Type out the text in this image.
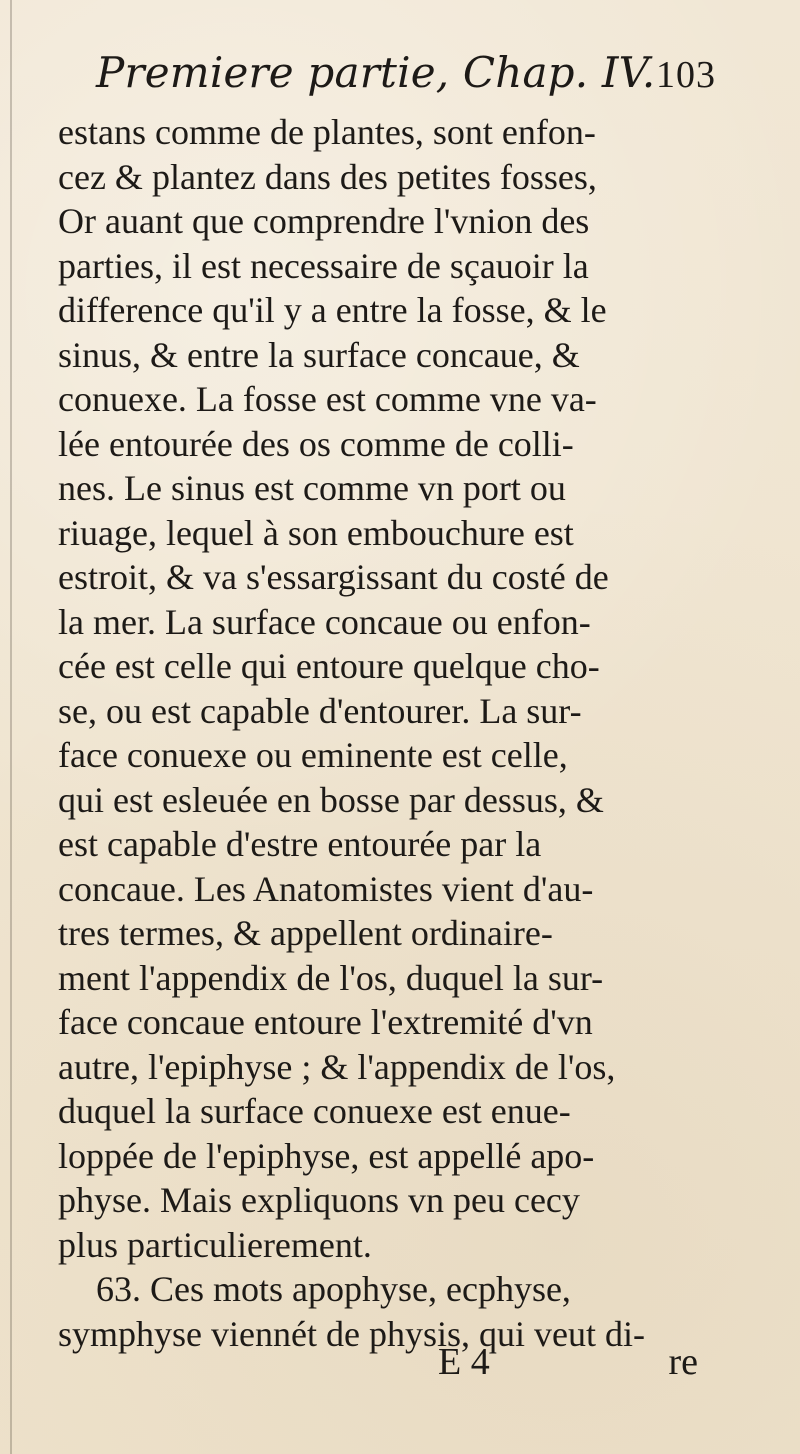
Premiere partie, Chap. IV. 103
estans comme de plantes, sont enfon-
cez & plantez dans des petites fosses,
Or auant que comprendre l'vnion des
parties, il est necessaire de sçauoir la
difference qu'il y a entre la fosse, & le
sinus, & entre la surface concaue, &
conuexe. La fosse est comme vne va-
lée entourée des os comme de colli-
nes. Le sinus est comme vn port ou
riuage, lequel à son embouchure est
estroit, & va s'essargissant du costé de
la mer. La surface concaue ou enfon-
cée est celle qui entoure quelque cho-
se, ou est capable d'entourer. La sur-
face conuexe ou eminente est celle,
qui est esleuée en bosse par dessus, &
est capable d'estre entourée par la
concaue. Les Anatomistes vient d'au-
tres termes, & appellent ordinaire-
ment l'appendix de l'os, duquel la sur-
face concaue entoure l'extremité d'vn
autre, l'epiphyse ; & l'appendix de l'os,
duquel la surface conuexe est enue-
loppée de l'epiphyse, est appellé apo-
physe. Mais expliquons vn peu cecy
plus particulierement.
63. Ces mots apophyse, ecphyse,
symphyse viennét de physis, qui veut di-
E 4	re
